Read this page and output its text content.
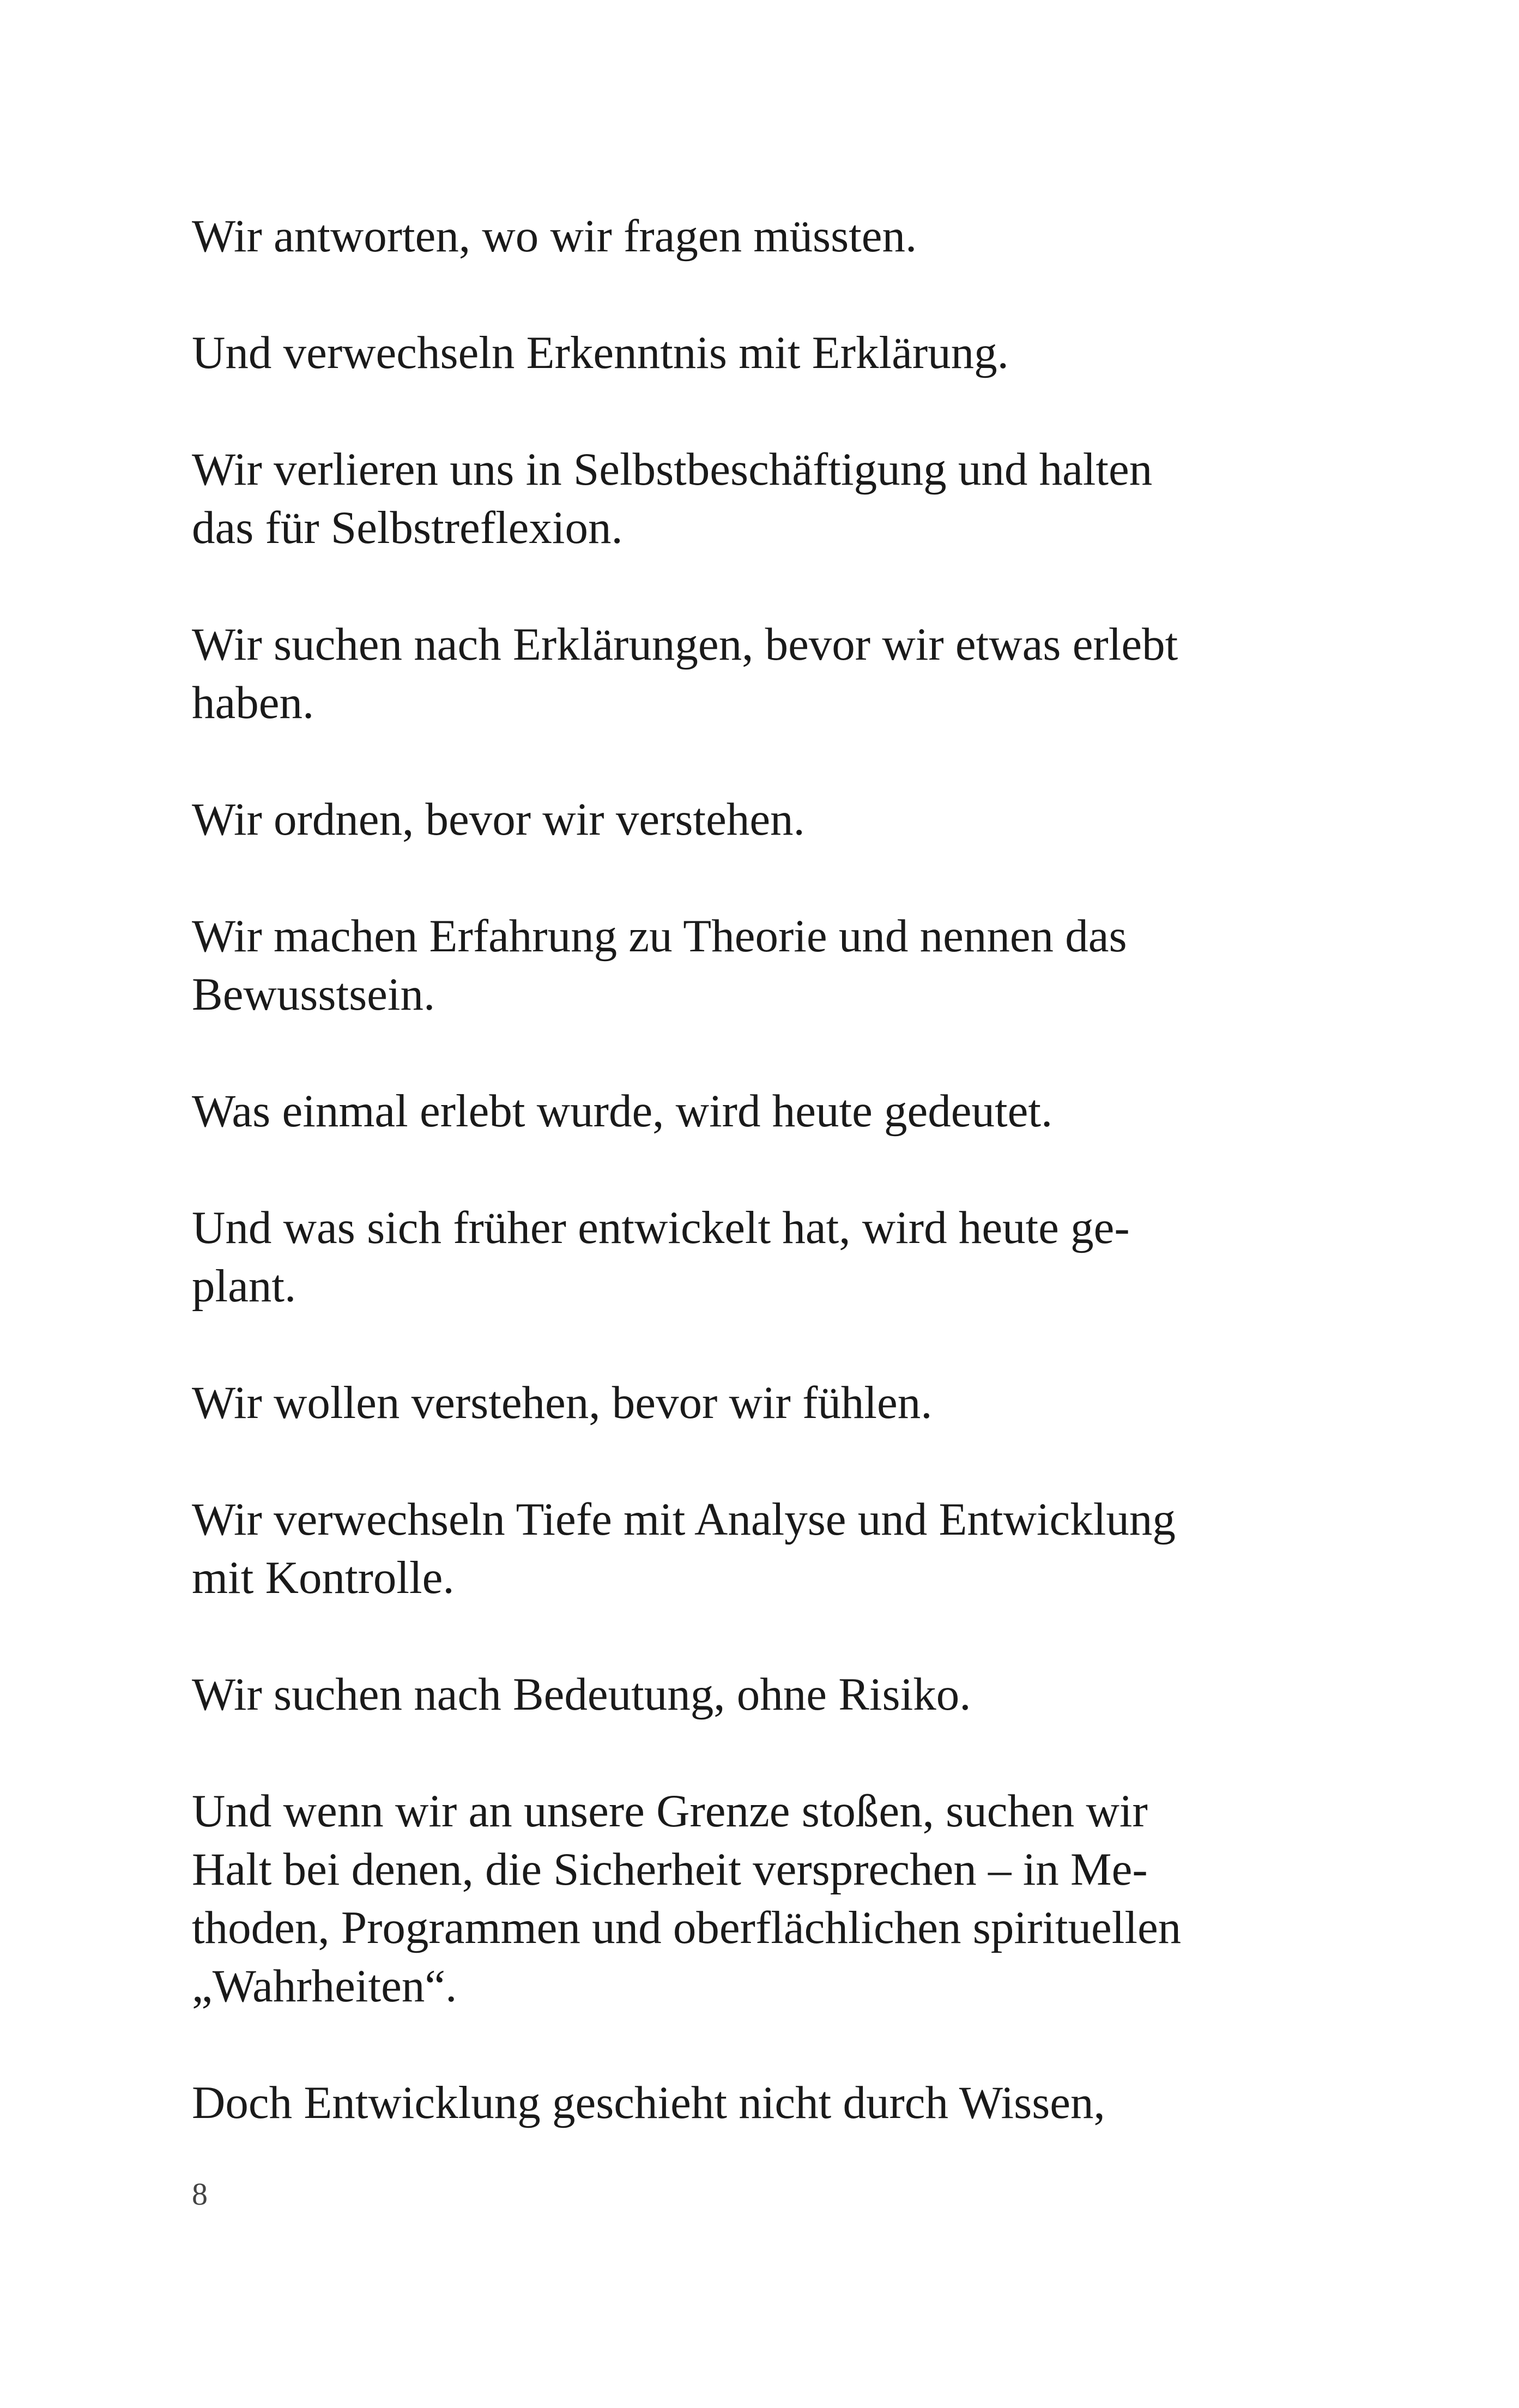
Wir antworten, wo wir fragen müssten.

Und verwechseln Erkenntnis mit Erklärung.

Wir verlieren uns in Selbstbeschäftigung und halten
das für Selbstreflexion.

Wir suchen nach Erklärungen, bevor wir etwas erlebt
haben.

Wir ordnen, bevor wir verstehen.

Wir machen Erfahrung zu Theorie und nennen das
Bewusstsein.

Was einmal erlebt wurde, wird heute gedeutet.

Und was sich früher entwickelt hat, wird heute ge-
plant.

Wir wollen verstehen, bevor wir fühlen.

Wir verwechseln Tiefe mit Analyse und Entwicklung
mit Kontrolle.

Wir suchen nach Bedeutung, ohne Risiko.

Und wenn wir an unsere Grenze stoßen, suchen wir
Halt bei denen, die Sicherheit versprechen – in Me-
thoden, Programmen und oberflächlichen spirituellen
„Wahrheiten“.

Doch Entwicklung geschieht nicht durch Wissen,

8
